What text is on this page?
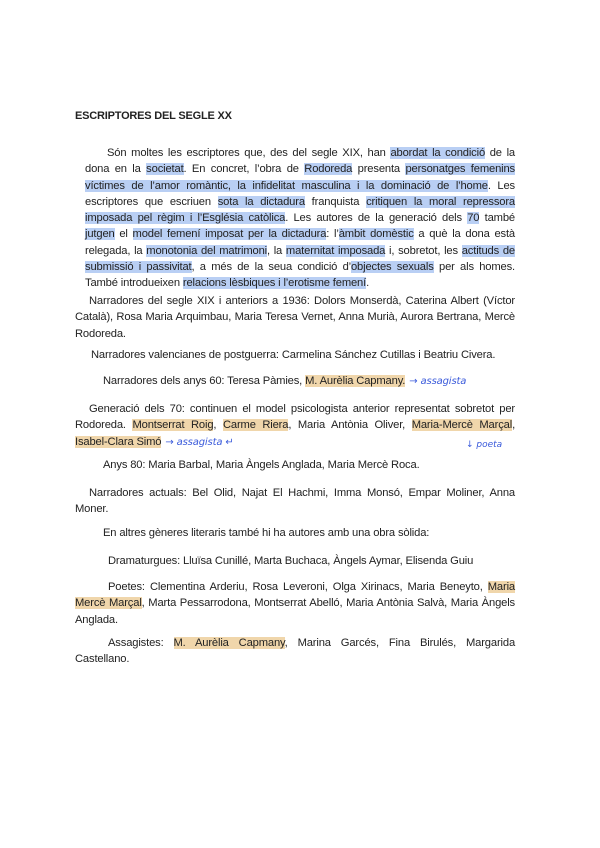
ESCRIPTORES DEL SEGLE XX
Són moltes les escriptores que, des del segle XIX, han abordat la condició de la dona en la societat. En concret, l’obra de Rodoreda presenta personatges femenins víctimes de l’amor romàntic, la infidelitat masculina i la dominació de l’home. Les escriptores que escriuen sota la dictadura franquista critiquen la moral repressora imposada pel règim i l’Església catòlica. Les autores de la generació dels 70 també jutgen el model femení imposat per la dictadura: l’àmbit domèstic a què la dona està relegada, la monotonia del matrimoni, la maternitat imposada i, sobretot, les actituds de submissió i passivitat, a més de la seua condició d’objectes sexuals per als homes. També introdueixen relacions lèsbiques i l’erotisme femení.
Narradores del segle XIX i anteriors a 1936: Dolors Monserdà, Caterina Albert (Víctor Català), Rosa Maria Arquimbau, Maria Teresa Vernet, Anna Murià, Aurora Bertrana, Mercè Rodoreda.
Narradores valencianes de postguerra: Carmelina Sánchez Cutillas i Beatriu Civera.
Narradores dels anys 60: Teresa Pàmies, M. Aurèlia Capmany. → assagista
Generació dels 70: continuen el model psicologista anterior representat sobretot per Rodoreda. Montserrat Roig, Carme Riera, Maria Antònia Oliver, Maria-Mercè Marçal, Isabel-Clara Simó → assagista ↵	↓ poeta
Anys 80: Maria Barbal, Maria Àngels Anglada, Maria Mercè Roca.
Narradores actuals: Bel Olid, Najat El Hachmi, Imma Monsó, Empar Moliner, Anna Moner.
En altres gèneres literaris també hi ha autores amb una obra sòlida:
Dramaturgues: Lluïsa Cunillé, Marta Buchaca, Àngels Aymar, Elisenda Guiu
Poetes: Clementina Arderiu, Rosa Leveroni, Olga Xirinacs, Maria Beneyto, Maria Mercè Marçal, Marta Pessarrodona, Montserrat Abelló, Maria Antònia Salvà, Maria Àngels Anglada.
Assagistes: M. Aurèlia Capmany, Marina Garcés, Fina Birulés, Margarida Castellano.
